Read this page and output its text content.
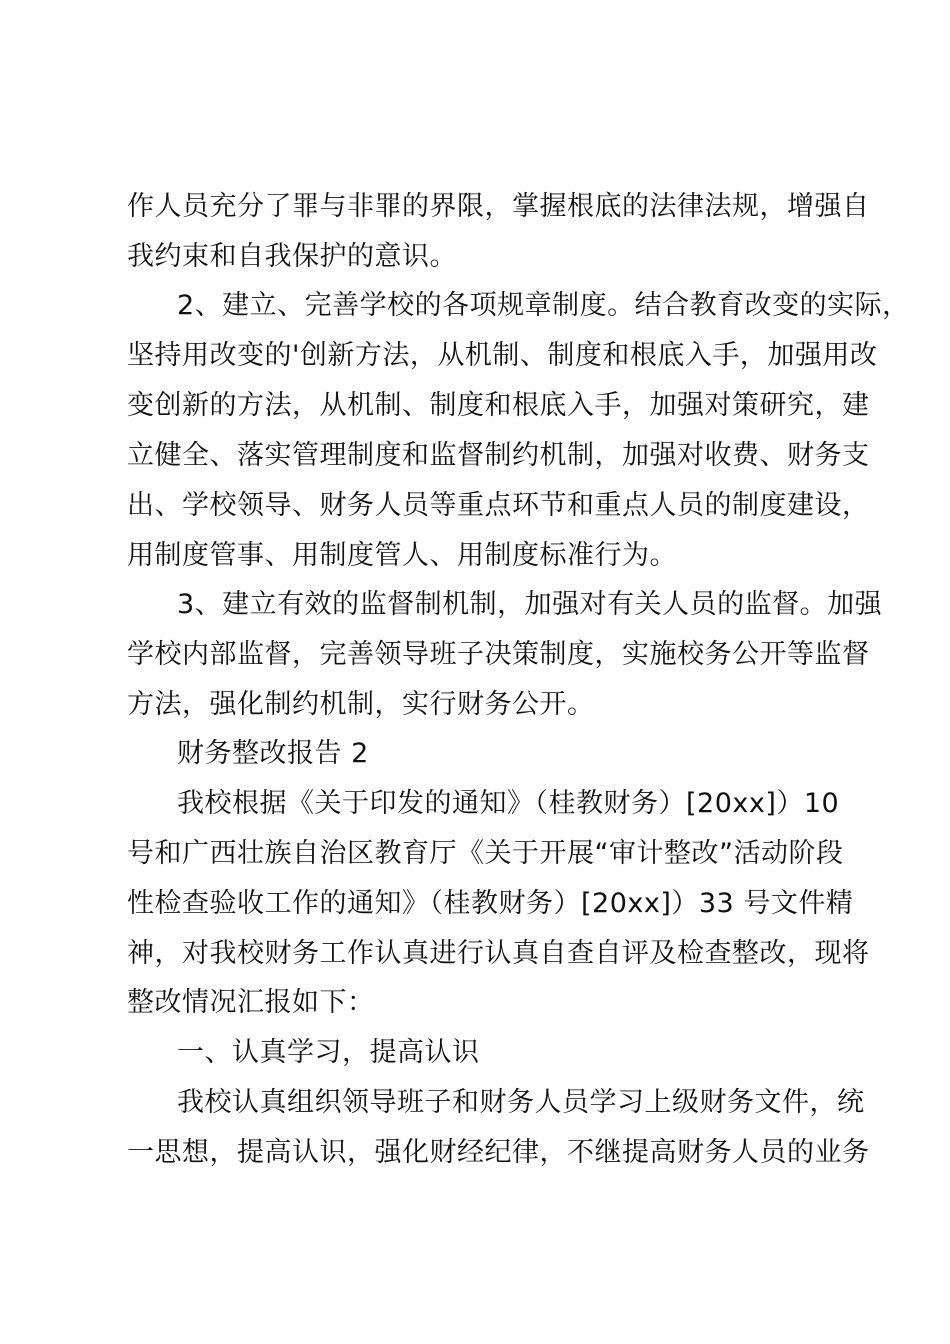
作人员充分了罪与非罪的界限，掌握根底的法律法规，增强自
我约束和自我保护的意识。
2、建立、完善学校的各项规章制度。结合教育改变的实际，
坚持用改变的'创新方法，从机制、制度和根底入手，加强用改
变创新的方法，从机制、制度和根底入手，加强对策研究，建
立健全、落实管理制度和监督制约机制，加强对收费、财务支
出、学校领导、财务人员等重点环节和重点人员的制度建设，
用制度管事、用制度管人、用制度标准行为。
3、建立有效的监督制机制，加强对有关人员的监督。加强
学校内部监督，完善领导班子决策制度，实施校务公开等监督
方法，强化制约机制，实行财务公开。
财务整改报告 2
我校根据《关于印发的通知》（桂教财务）[20xx]）10
号和广西壮族自治区教育厅《关于开展“审计整改”活动阶段
性检查验收工作的通知》（桂教财务）[20xx]）33 号文件精
神，对我校财务工作认真进行认真自查自评及检查整改，现将
整改情况汇报如下：
一、认真学习，提高认识
我校认真组织领导班子和财务人员学习上级财务文件，统
一思想，提高认识，强化财经纪律，不继提高财务人员的业务
